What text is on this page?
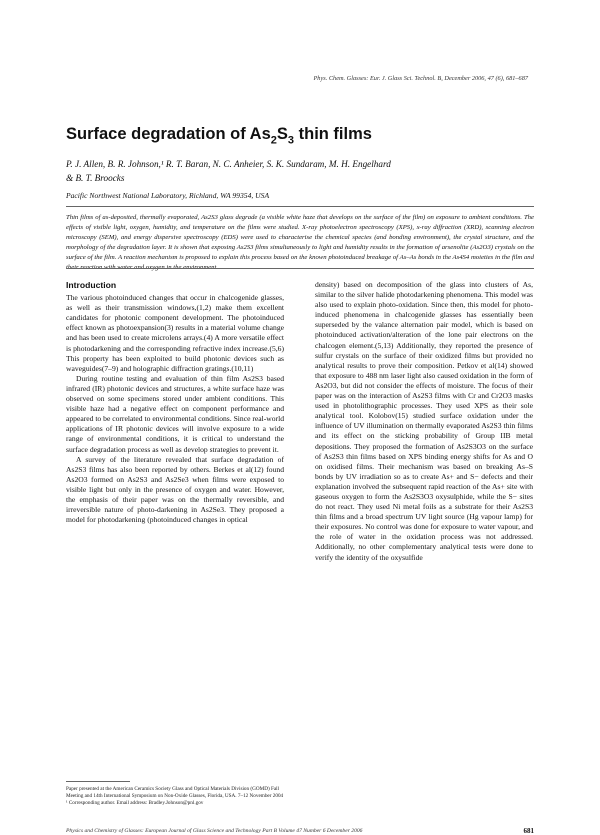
Phys. Chem. Glasses: Eur. J. Glass Sci. Technol. B, December 2006, 47 (6), 681–687
Surface degradation of $As_2S_3$ thin films
P. J. Allen, B. R. Johnson,¹ R. T. Baran, N. C. Anheier, S. K. Sundaram, M. H. Engelhard
& B. T. Broocks
Pacific Northwest National Laboratory, Richland, WA 99354, USA
Thin films of as-deposited, thermally evaporated, As2S3 glass degrade (a visible white haze that develops on the surface of the film) on exposure to ambient conditions. The effects of visible light, oxygen, humidity, and temperature on the films were studied. X-ray photoelectron spectroscopy (XPS), x-ray diffraction (XRD), scanning electron microscopy (SEM), and energy dispersive spectroscopy (EDS) were used to characterise the chemical species (and bonding environment), the crystal structure, and the morphology of the degradation layer. It is shown that exposing As2S3 films simultaneously to light and humidity results in the formation of arsenolite (As2O3) crystals on the surface of the film. A reaction mechanism is proposed to explain this process based on the known photoinduced breakage of As–As bonds in the As4S4 moieties in the film and their reaction with water and oxygen in the environment.
Introduction

The various photoinduced changes that occur in chalcogenide glasses, as well as their transmission windows,(1,2) make them excellent candidates for photonic component development. The photoinduced effect known as photoexpansion(3) results in a material volume change and has been used to create microlens arrays.(4) A more versatile effect is photodarkening and the corresponding refractive index increase.(5,6) This property has been exploited to build photonic devices such as waveguides(7–9) and holographic diffraction gratings.(10,11)

During routine testing and evaluation of thin film As2S3 based infrared (IR) photonic devices and structures, a white surface haze was observed on some specimens stored under ambient conditions. This visible haze had a negative effect on component performance and appeared to be correlated to environmental conditions. Since real-world applications of IR photonic devices will involve exposure to a wide range of environmental conditions, it is critical to understand the surface degradation process as well as develop strategies to prevent it.

A survey of the literature revealed that surface degradation of As2S3 films has also been reported by others. Berkes et al(12) found As2O3 formed on As2S3 and As2Se3 when films were exposed to visible light but only in the presence of oxygen and water. However, the emphasis of their paper was on the thermally reversible, and irreversible nature of photo-darkening in As2Se3. They proposed a model for photodarkening (photoinduced changes in optical

density) based on decomposition of the glass into clusters of As, similar to the silver halide photodarkening phenomena. This model was also used to explain photo-oxidation. Since then, this model for photo-induced phenomena in chalcogenide glasses has essentially been superseded by the valance alternation pair model, which is based on photoinduced activation/alteration of the lone pair electrons on the chalcogen element.(5,13) Additionally, they reported the presence of sulfur crystals on the surface of their oxidized films but provided no analytical results to prove their composition. Petkov et al(14) showed that exposure to 488 nm laser light also caused oxidation in the form of As2O3, but did not consider the effects of moisture. The focus of their paper was on the interaction of As2S3 films with Cr and Cr2O3 masks used in photolithographic processes. They used XPS as their sole analytical tool. Kolobov(15) studied surface oxidation under the influence of UV illumination on thermally evaporated As2S3 thin films and its effect on the sticking probability of Group IIB metal depositions. They proposed the formation of As2S3O3 on the surface of As2S3 thin films based on XPS binding energy shifts for As and O on oxidised films. Their mechanism was based on breaking As–S bonds by UV irradiation so as to create As+ and S− defects and their explanation involved the subsequent rapid reaction of the As+ site with gaseous oxygen to form the As2S3O3 oxysulphide, while the S− sites do not react. They used Ni metal foils as a substrate for their As2S3 thin films and a broad spectrum UV light source (Hg vapour lamp) for their exposures. No control was done for exposure to water vapour, and the role of water in the oxidation process was not addressed. Additionally, no other complementary analytical tests were done to verify the identity of the oxysulfide

Paper presented at the American Ceramics Society Glass and Optical Materials Division (GOMD) Fall Meeting and 14th International Symposium on Non-Oxide Glasses, Florida, USA. 7–12 November 2004

¹ Corresponding author. Email address: Bradley.Johnson@pnl.gov

Physics and Chemistry of Glasses: European Journal of Glass Science and Technology Part B Volume 47 Number 6 December 2006	681
